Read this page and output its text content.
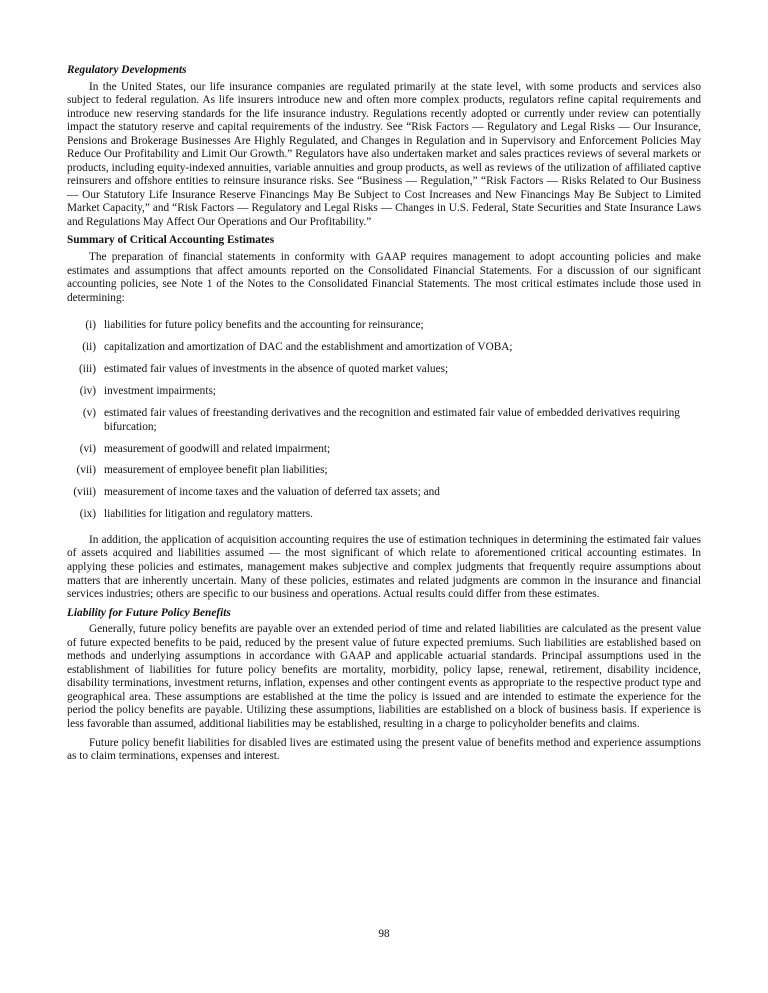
Regulatory Developments

In the United States, our life insurance companies are regulated primarily at the state level, with some products and services also subject to federal regulation. As life insurers introduce new and often more complex products, regulators refine capital requirements and introduce new reserving standards for the life insurance industry. Regulations recently adopted or currently under review can potentially impact the statutory reserve and capital requirements of the industry. See “Risk Factors — Regulatory and Legal Risks — Our Insurance, Pensions and Brokerage Businesses Are Highly Regulated, and Changes in Regulation and in Supervisory and Enforcement Policies May Reduce Our Profitability and Limit Our Growth.” Regulators have also undertaken market and sales practices reviews of several markets or products, including equity-indexed annuities, variable annuities and group products, as well as reviews of the utilization of affiliated captive reinsurers and offshore entities to reinsure insurance risks. See “Business — Regulation,” “Risk Factors — Risks Related to Our Business — Our Statutory Life Insurance Reserve Financings May Be Subject to Cost Increases and New Financings May Be Subject to Limited Market Capacity,” and “Risk Factors — Regulatory and Legal Risks — Changes in U.S. Federal, State Securities and State Insurance Laws and Regulations May Affect Our Operations and Our Profitability.”

Summary of Critical Accounting Estimates

The preparation of financial statements in conformity with GAAP requires management to adopt accounting policies and make estimates and assumptions that affect amounts reported on the Consolidated Financial Statements. For a discussion of our significant accounting policies, see Note 1 of the Notes to the Consolidated Financial Statements. The most critical estimates include those used in determining:

(i) liabilities for future policy benefits and the accounting for reinsurance;
(ii) capitalization and amortization of DAC and the establishment and amortization of VOBA;
(iii) estimated fair values of investments in the absence of quoted market values;
(iv) investment impairments;
(v) estimated fair values of freestanding derivatives and the recognition and estimated fair value of embedded derivatives requiring bifurcation;
(vi) measurement of goodwill and related impairment;
(vii) measurement of employee benefit plan liabilities;
(viii) measurement of income taxes and the valuation of deferred tax assets; and
(ix) liabilities for litigation and regulatory matters.

In addition, the application of acquisition accounting requires the use of estimation techniques in determining the estimated fair values of assets acquired and liabilities assumed — the most significant of which relate to aforementioned critical accounting estimates. In applying these policies and estimates, management makes subjective and complex judgments that frequently require assumptions about matters that are inherently uncertain. Many of these policies, estimates and related judgments are common in the insurance and financial services industries; others are specific to our business and operations. Actual results could differ from these estimates.

Liability for Future Policy Benefits

Generally, future policy benefits are payable over an extended period of time and related liabilities are calculated as the present value of future expected benefits to be paid, reduced by the present value of future expected premiums. Such liabilities are established based on methods and underlying assumptions in accordance with GAAP and applicable actuarial standards. Principal assumptions used in the establishment of liabilities for future policy benefits are mortality, morbidity, policy lapse, renewal, retirement, disability incidence, disability terminations, investment returns, inflation, expenses and other contingent events as appropriate to the respective product type and geographical area. These assumptions are established at the time the policy is issued and are intended to estimate the experience for the period the policy benefits are payable. Utilizing these assumptions, liabilities are established on a block of business basis. If experience is less favorable than assumed, additional liabilities may be established, resulting in a charge to policyholder benefits and claims.

Future policy benefit liabilities for disabled lives are estimated using the present value of benefits method and experience assumptions as to claim terminations, expenses and interest.

98
